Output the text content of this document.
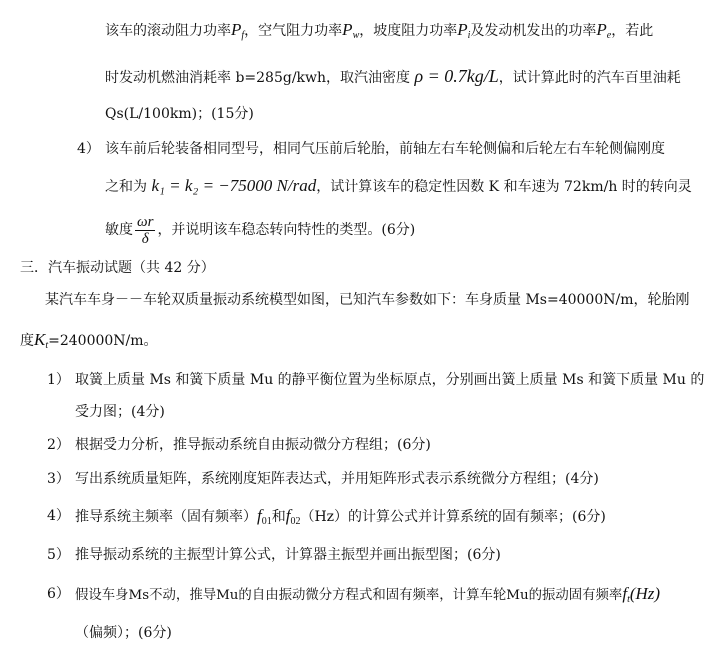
该车的滚动阻力功率$P_f$，空气阻力功率$P_w$，坡度阻力功率$P_i$及发动机发出的功率$P_e$，若此
时发动机燃油消耗率 b=285g/kwh，取汽油密度 ρ = 0.7kg/L，试计算此时的汽车百里油耗
Qs(L/100km)；(15分)
4） 该车前后轮装备相同型号，相同气压前后轮胎，前轴左右车轮侧偏和后轮左右车轮侧偏刚度
之和为 k₁ = k₂ = −75000 N/rad，试计算该车的稳定性因数 K 和车速为 72km/h 时的转向灵
敏度 $\frac{\omega r}{\delta}$ ，并说明该车稳态转向特性的类型。(6分)
三．汽车振动试题（共 42 分）
某汽车车身－－车轮双质量振动系统模型如图，已知汽车参数如下：车身质量 Ms=40000N/m，轮胎刚
度$K_t=240000N/m$。
1） 取簧上质量 Ms 和簧下质量 Mu 的静平衡位置为坐标原点，分别画出簧上质量 Ms 和簧下质量 Mu 的
受力图；(4分)
2） 根据受力分析，推导振动系统自由振动微分方程组；(6分)
3） 写出系统质量矩阵，系统刚度矩阵表达式，并用矩阵形式表示系统微分方程组；(4分)
4） 推导系统主频率（固有频率）$f_{01}$和$f_{02}(Hz)$的计算公式并计算系统的固有频率；(6分)
5） 推导振动系统的主振型计算公式，计算器主振型并画出振型图；(6分)
6） 假设车身Ms不动，推导Mu的自由振动微分方程式和固有频率，计算车轮Mu的振动固有频率$f_t(Hz)$
（偏频）；(6分)
